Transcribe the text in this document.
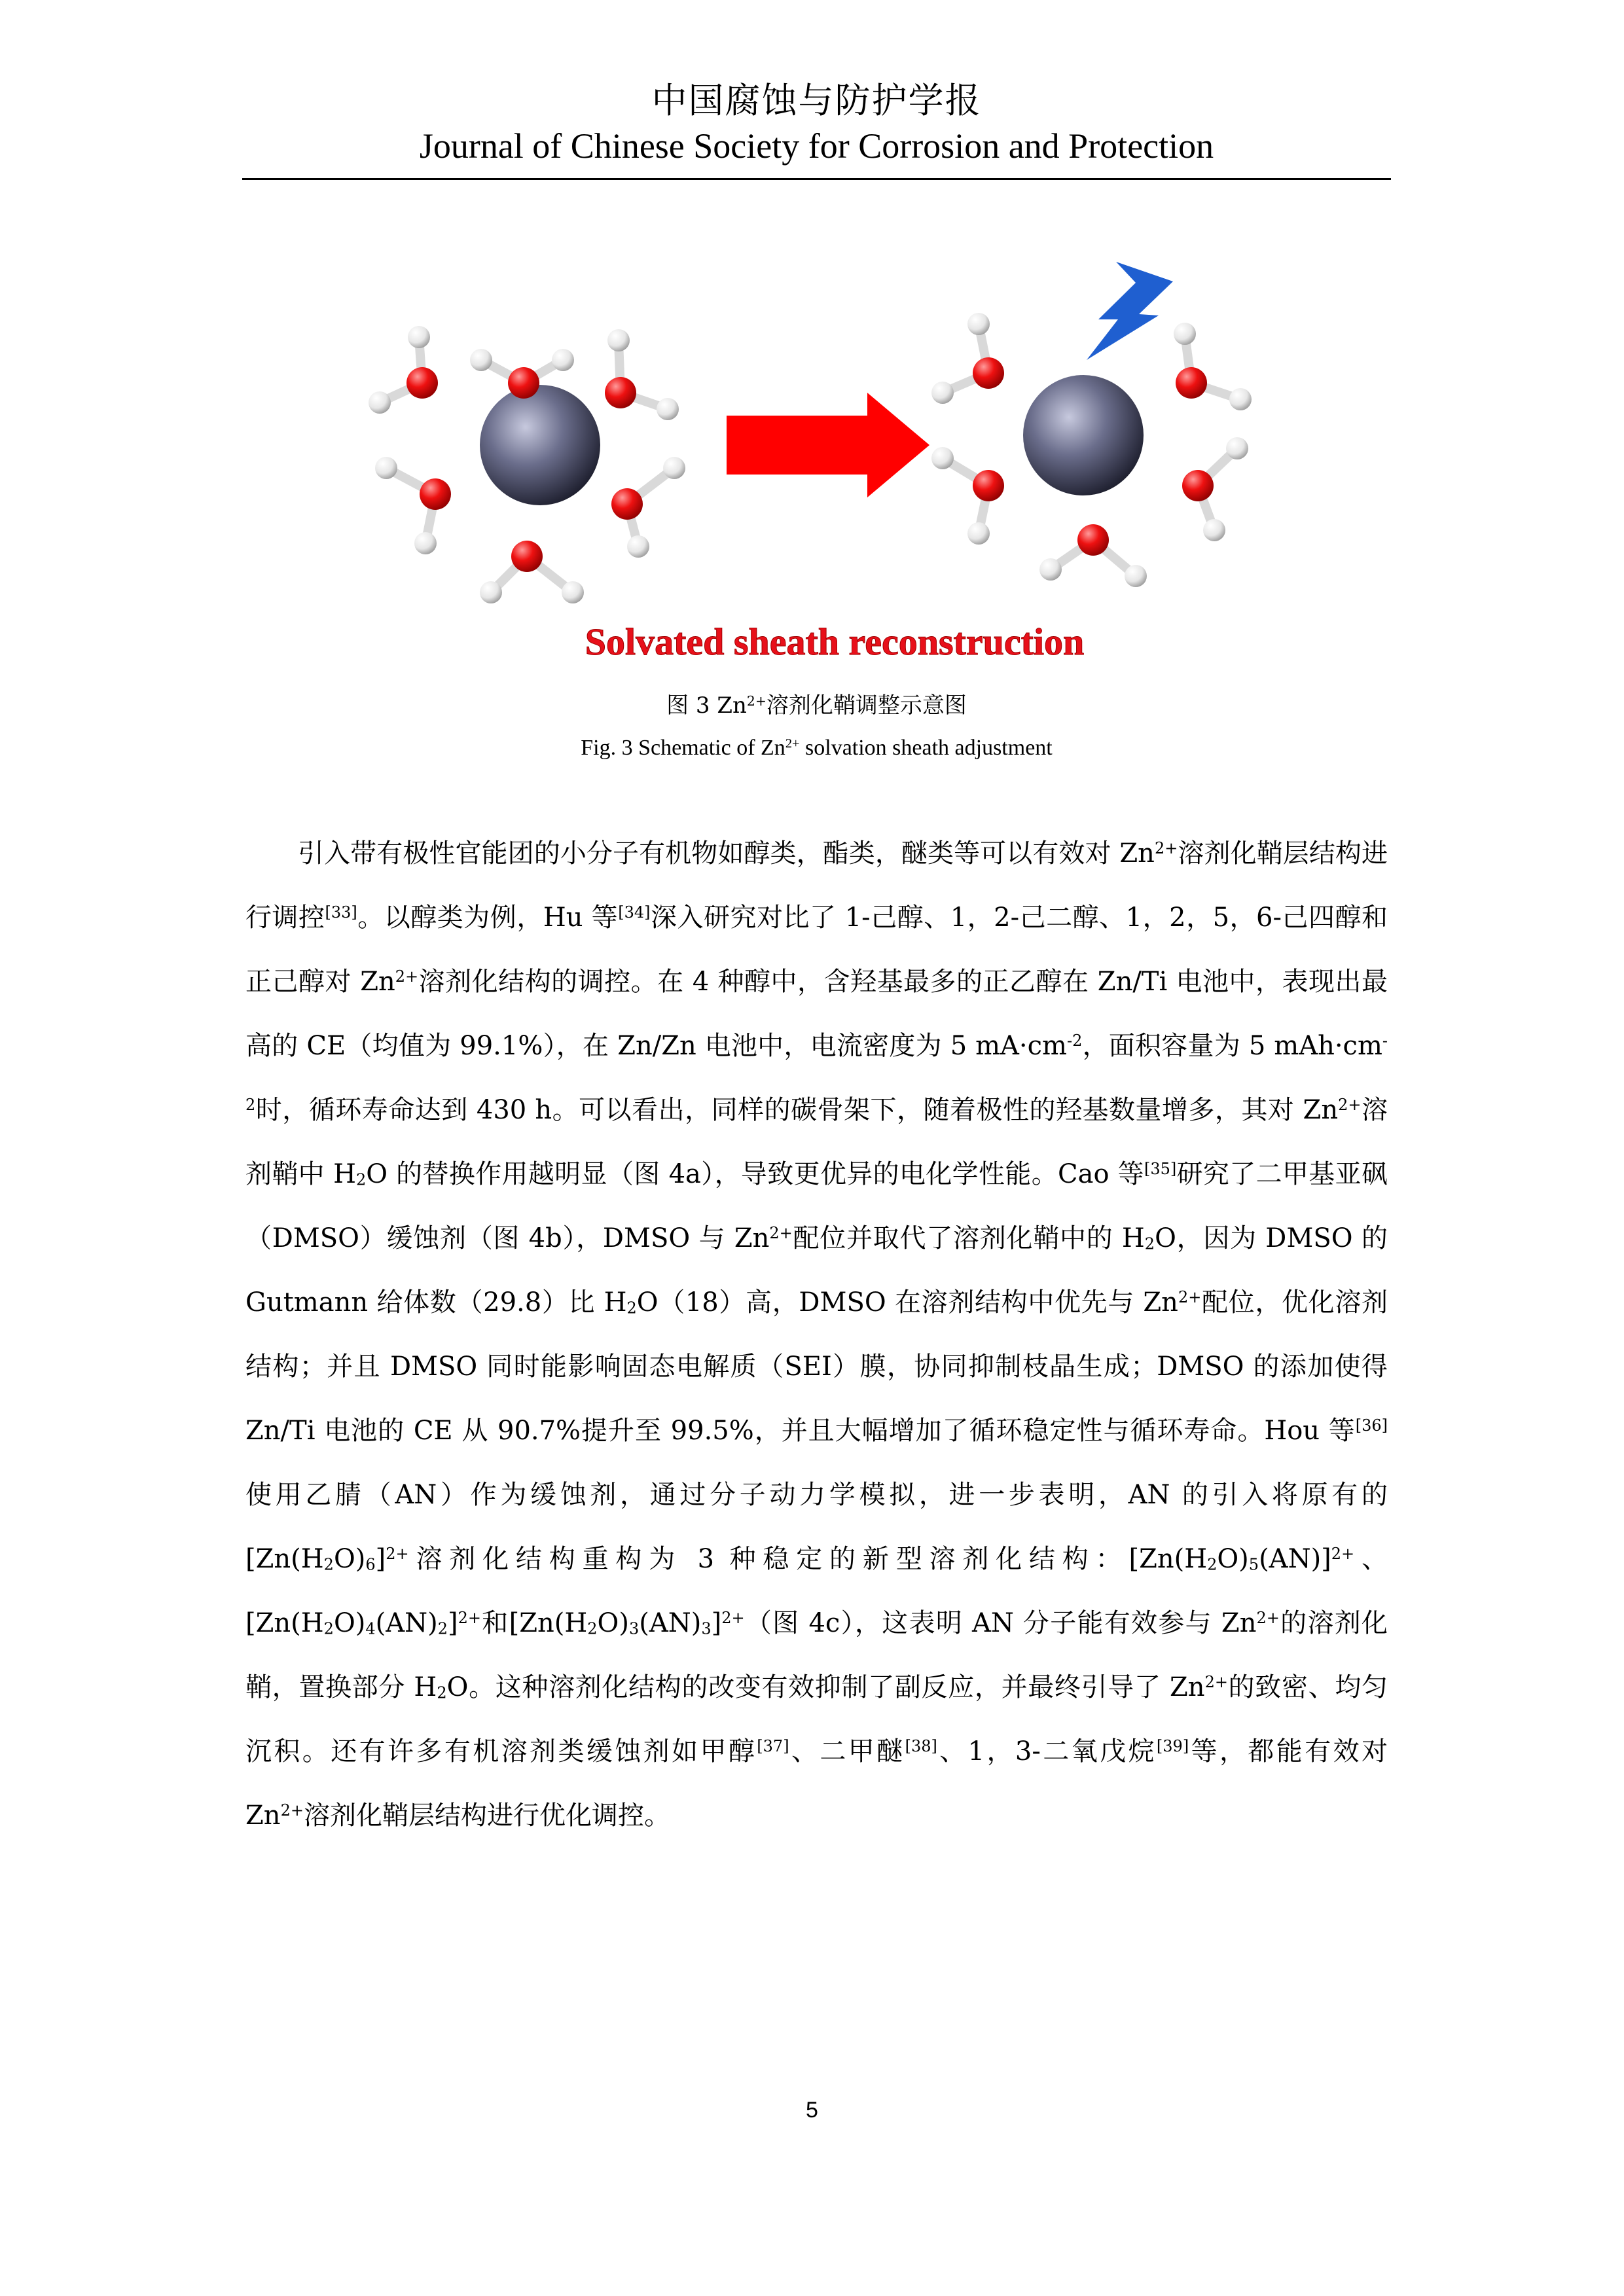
中国腐蚀与防护学报
Journal of Chinese Society for Corrosion and Protection
Solvated sheath reconstruction
图 3 $Zn^{2+}$溶剂化鞘调整示意图
Fig. 3 Schematic of $Zn^{2+}$ solvation sheath adjustment

引入带有极性官能团的小分子有机物如醇类，酯类，醚类等可以有效对 $Zn^{2+}$溶剂化鞘层结构进行调控[33]。以醇类为例，Hu 等[34]深入研究对比了 1-己醇、1，2-己二醇、1，2，5，6-己四醇和正己醇对 $Zn^{2+}$溶剂化结构的调控。在 4 种醇中，含羟基最多的正乙醇在 Zn/Ti 电池中，表现出最高的 CE（均值为 99.1%），在 Zn/Zn 电池中，电流密度为 5 $mA\cdot cm^{-2}$，面积容量为 5 $mAh\cdot cm^{-2}$时，循环寿命达到 430 h。可以看出，同样的碳骨架下，随着极性的羟基数量增多，其对 $Zn^{2+}$溶剂鞘中 $H_2O$ 的替换作用越明显（图 4a），导致更优异的电化学性能。Cao 等[35]研究了二甲基亚砜（DMSO）缓蚀剂（图 4b），DMSO 与 $Zn^{2+}$配位并取代了溶剂化鞘中的 $H_2O$，因为 DMSO 的 Gutmann 给体数（29.8）比 $H_2O(18)$高，DMSO 在溶剂结构中优先与 $Zn^{2+}$配位，优化溶剂结构；并且 DMSO 同时能影响固态电解质（SEI）膜，协同抑制枝晶生成；DMSO 的添加使得 Zn/Ti 电池的 CE 从 90.7%提升至 99.5%，并且大幅增加了循环稳定性与循环寿命。Hou 等[36]使用乙腈（AN）作为缓蚀剂，通过分子动力学模拟，进一步表明，AN 的引入将原有的$[Zn(H_2O)_6]^{2+}$溶剂化结构重构为 3 种稳定的新型溶剂化结构：$[Zn(H_2O)_5(AN)]^{2+}$、$[Zn(H_2O)_4(AN)_2]^{2+}$和$[Zn(H_2O)_3(AN)_3]^{2+}$（图 4c），这表明 AN 分子能有效参与 $Zn^{2+}$的溶剂化鞘，置换部分 $H_2O$。这种溶剂化结构的改变有效抑制了副反应，并最终引导了 $Zn^{2+}$的致密、均匀沉积。还有许多有机溶剂类缓蚀剂如甲醇[37]、二甲醚[38]、1，3-二氧戊烷[39]等，都能有效对 $Zn^{2+}$溶剂化鞘层结构进行优化调控。

5
